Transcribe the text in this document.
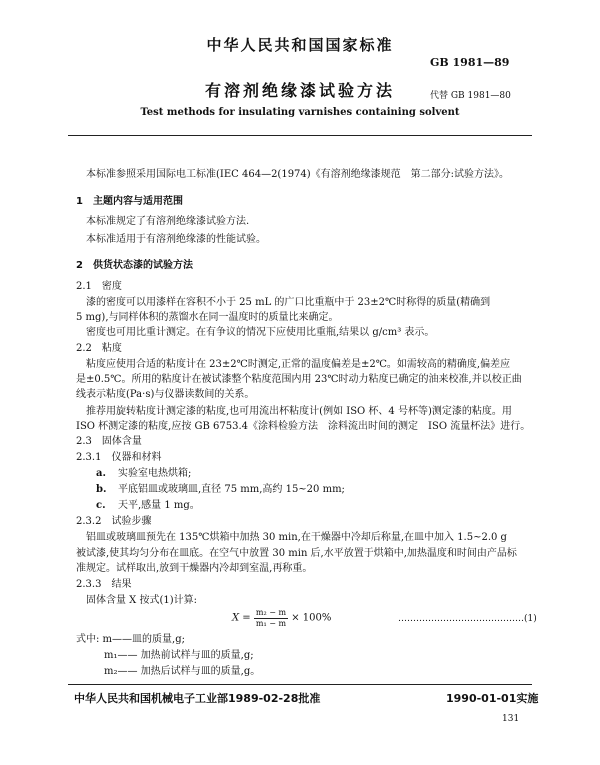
中华人民共和国国家标准
GB 1981—89
有溶剂绝缘漆试验方法	代替 GB 1981—80
Test methods for insulating varnishes containing solvent
本标准参照采用国际电工标准(IEC 464—2(1974)《有溶剂绝缘漆规范　第二部分:试验方法》。
1　主题内容与适用范围
本标准规定了有溶剂绝缘漆试验方法.
本标准适用于有溶剂绝缘漆的性能试验。
2　供货状态漆的试验方法
2.1　密度
漆的密度可以用漆样在容积不小于 25 mL 的广口比重瓶中于 23±2℃时称得的质量(精确到
5 mg),与同样体积的蒸馏水在同一温度时的质量比来确定。
密度也可用比重计测定。在有争议的情况下应使用比重瓶,结果以 g/cm³ 表示。
2.2　粘度
粘度应使用合适的粘度计在 23±2℃时测定,正常的温度偏差是±2℃。如需较高的精确度,偏差应
是±0.5℃。所用的粘度计在被试漆整个粘度范围内用 23℃时动力粘度已确定的油来校准,并以校正曲
线表示粘度(Pa·s)与仪器读数间的关系。
推荐用旋转粘度计测定漆的粘度,也可用流出杯粘度计(例如 ISO 杯、4 号杯等)测定漆的粘度。用
ISO 杯测定漆的粘度,应按 GB 6753.4《涂料检验方法　涂料流出时间的测定　ISO 流量杯法》进行。
2.3　固体含量
2.3.1　仪器和材料
a. 实验室电热烘箱;
b. 平底铝皿或玻璃皿,直径 75 mm,高约 15~20 mm;
c. 天平,感量 1 mg。
2.3.2　试验步骤
铝皿或玻璃皿预先在 135℃烘箱中加热 30 min,在干燥器中冷却后称量,在皿中加入 1.5~2.0 g
被试漆,使其均匀分布在皿底。在空气中放置 30 min 后,水平放置于烘箱中,加热温度和时间由产品标
准规定。试样取出,放到干燥器内冷却到室温,再称重。
2.3.3　结果
固体含量 X 按式(1)计算:
$X = \frac{\text{m₂ − m}}{\text{m₁ − m}} \times 100\%$	……………………………………(1)
式中: m——皿的质量,g;
m₁—— 加热前试样与皿的质量,g;
m₂—— 加热后试样与皿的质量,g。
中华人民共和国机械电子工业部1989-02-28批准	1990-01-01实施
131
